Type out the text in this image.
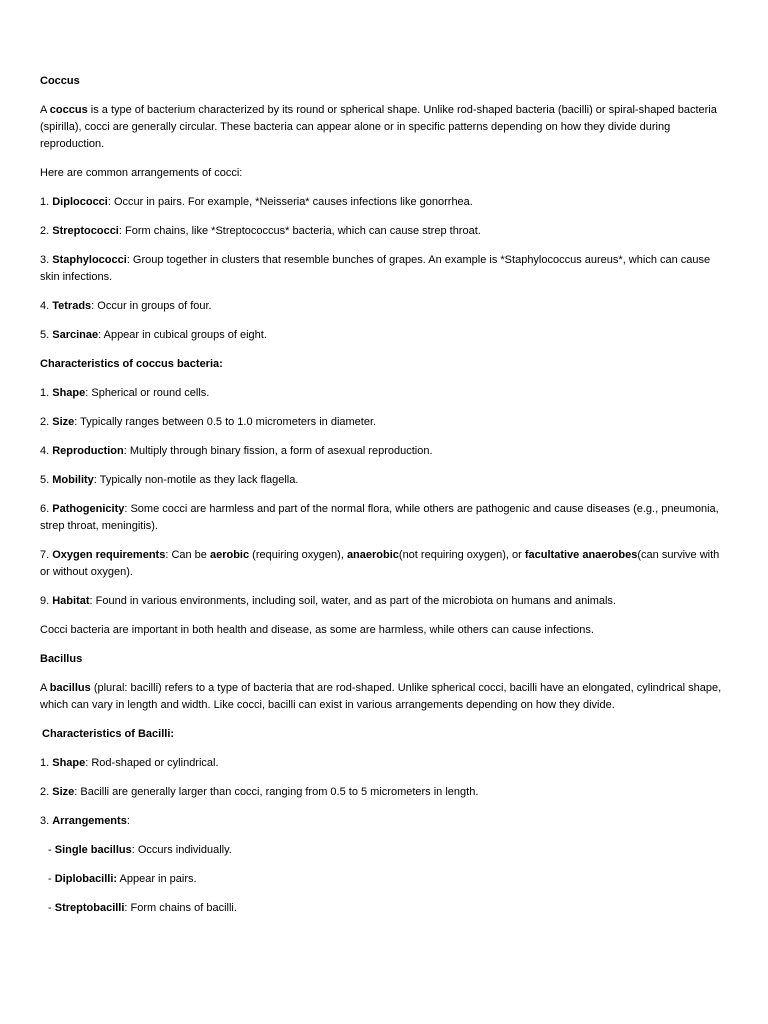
Coccus

A coccus is a type of bacterium characterized by its round or spherical shape. Unlike rod-shaped bacteria (bacilli) or spiral-shaped bacteria (spirilla), cocci are generally circular. These bacteria can appear alone or in specific patterns depending on how they divide during reproduction.

Here are common arrangements of cocci:

1. Diplococci: Occur in pairs. For example, *Neisseria* causes infections like gonorrhea.

2. Streptococci: Form chains, like *Streptococcus* bacteria, which can cause strep throat.

3. Staphylococci: Group together in clusters that resemble bunches of grapes. An example is *Staphylococcus aureus*, which can cause skin infections.

4. Tetrads: Occur in groups of four.

5. Sarcinae: Appear in cubical groups of eight.

Characteristics of coccus bacteria:

1. Shape: Spherical or round cells.

2. Size: Typically ranges between 0.5 to 1.0 micrometers in diameter.

4. Reproduction: Multiply through binary fission, a form of asexual reproduction.

5. Mobility: Typically non-motile as they lack flagella.

6. Pathogenicity: Some cocci are harmless and part of the normal flora, while others are pathogenic and cause diseases (e.g., pneumonia, strep throat, meningitis).

7. Oxygen requirements: Can be aerobic (requiring oxygen), anaerobic(not requiring oxygen), or facultative anaerobes(can survive with or without oxygen).

9. Habitat: Found in various environments, including soil, water, and as part of the microbiota on humans and animals.

Cocci bacteria are important in both health and disease, as some are harmless, while others can cause infections.

Bacillus

A bacillus (plural: bacilli) refers to a type of bacteria that are rod-shaped. Unlike spherical cocci, bacilli have an elongated, cylindrical shape, which can vary in length and width. Like cocci, bacilli can exist in various arrangements depending on how they divide.

Characteristics of Bacilli:

1. Shape: Rod-shaped or cylindrical.

2. Size: Bacilli are generally larger than cocci, ranging from 0.5 to 5 micrometers in length.

3. Arrangements:

- Single bacillus: Occurs individually.

- Diplobacilli: Appear in pairs.

- Streptobacilli: Form chains of bacilli.
